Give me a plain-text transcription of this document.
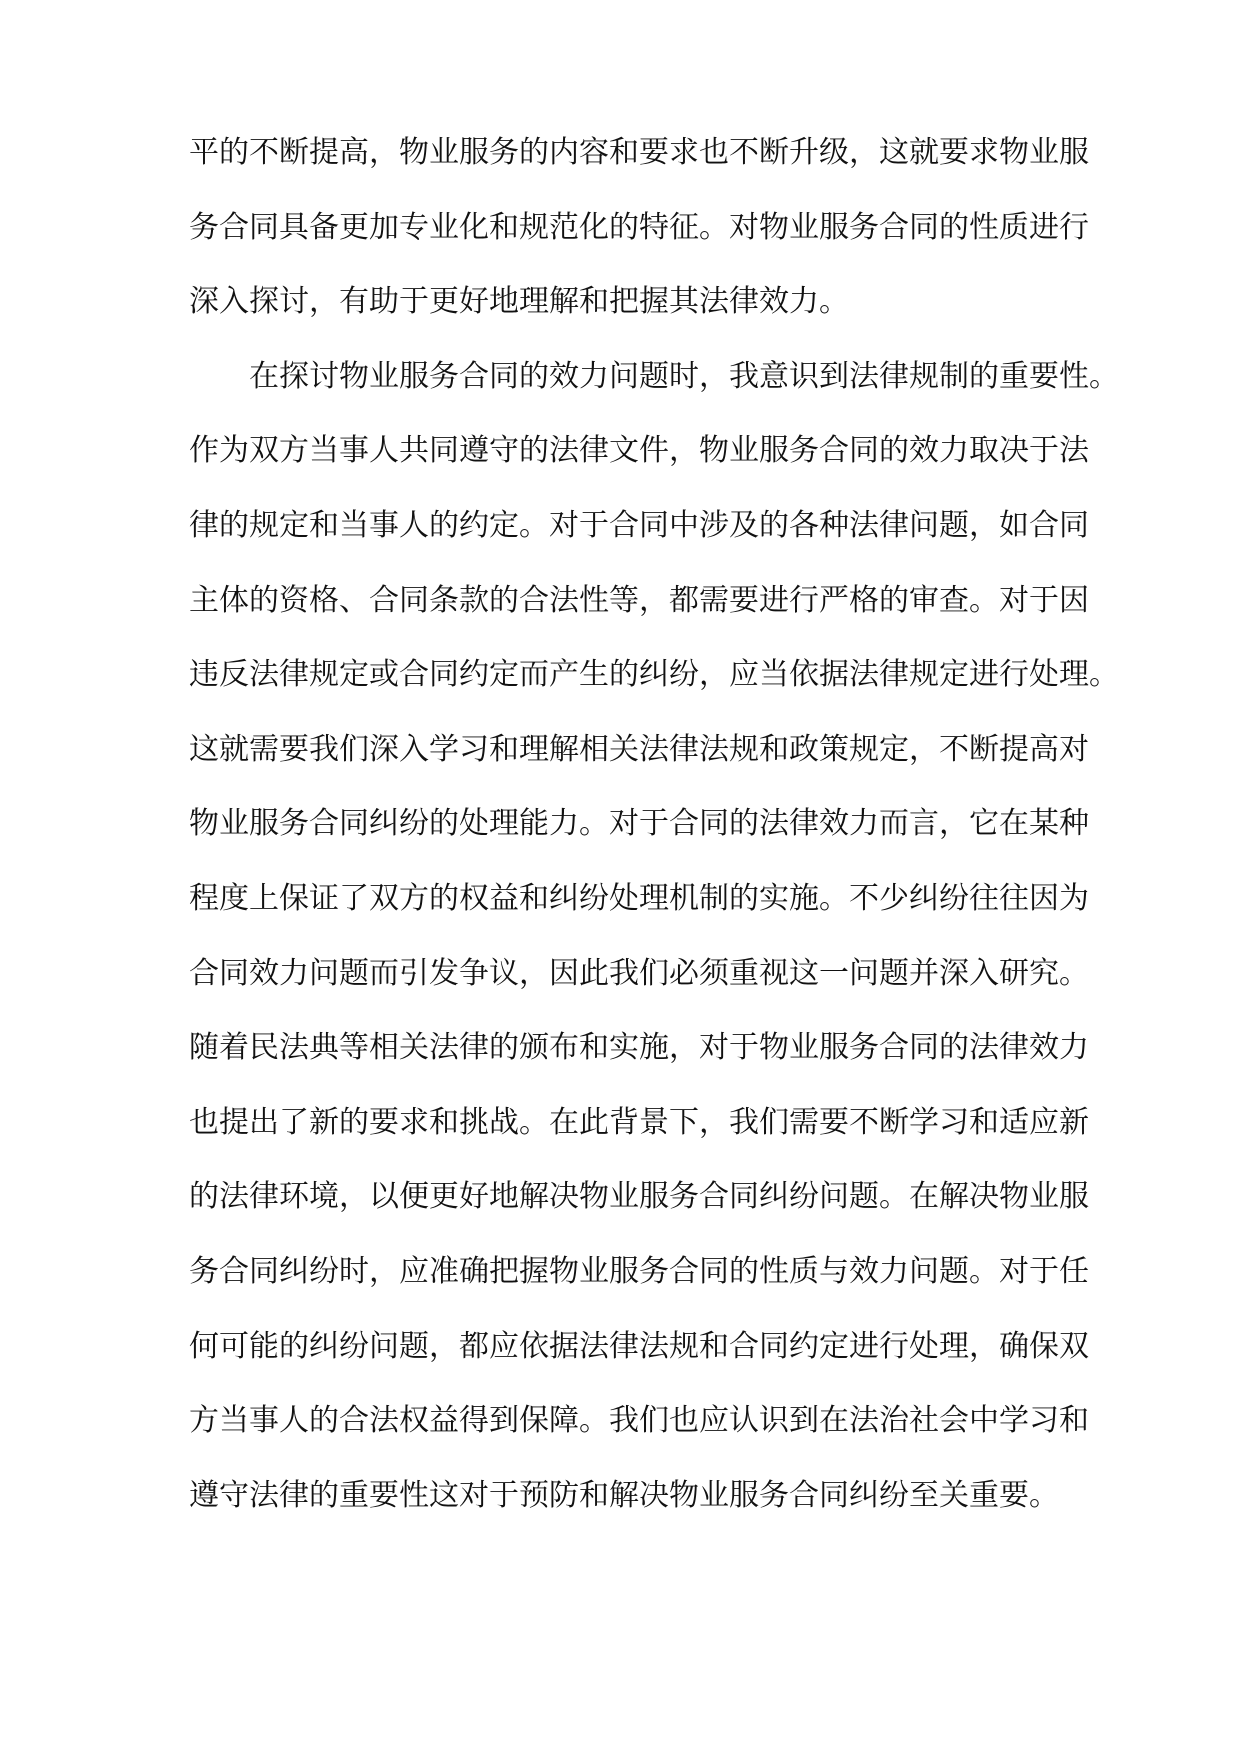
平的不断提高，物业服务的内容和要求也不断升级，这就要求物业服
务合同具备更加专业化和规范化的特征。对物业服务合同的性质进行
深入探讨，有助于更好地理解和把握其法律效力。
在探讨物业服务合同的效力问题时，我意识到法律规制的重要性。
作为双方当事人共同遵守的法律文件，物业服务合同的效力取决于法
律的规定和当事人的约定。对于合同中涉及的各种法律问题，如合同
主体的资格、合同条款的合法性等，都需要进行严格的审查。对于因
违反法律规定或合同约定而产生的纠纷，应当依据法律规定进行处理。
这就需要我们深入学习和理解相关法律法规和政策规定，不断提高对
物业服务合同纠纷的处理能力。对于合同的法律效力而言，它在某种
程度上保证了双方的权益和纠纷处理机制的实施。不少纠纷往往因为
合同效力问题而引发争议，因此我们必须重视这一问题并深入研究。
随着民法典等相关法律的颁布和实施，对于物业服务合同的法律效力
也提出了新的要求和挑战。在此背景下，我们需要不断学习和适应新
的法律环境，以便更好地解决物业服务合同纠纷问题。在解决物业服
务合同纠纷时，应准确把握物业服务合同的性质与效力问题。对于任
何可能的纠纷问题，都应依据法律法规和合同约定进行处理，确保双
方当事人的合法权益得到保障。我们也应认识到在法治社会中学习和
遵守法律的重要性这对于预防和解决物业服务合同纠纷至关重要。
